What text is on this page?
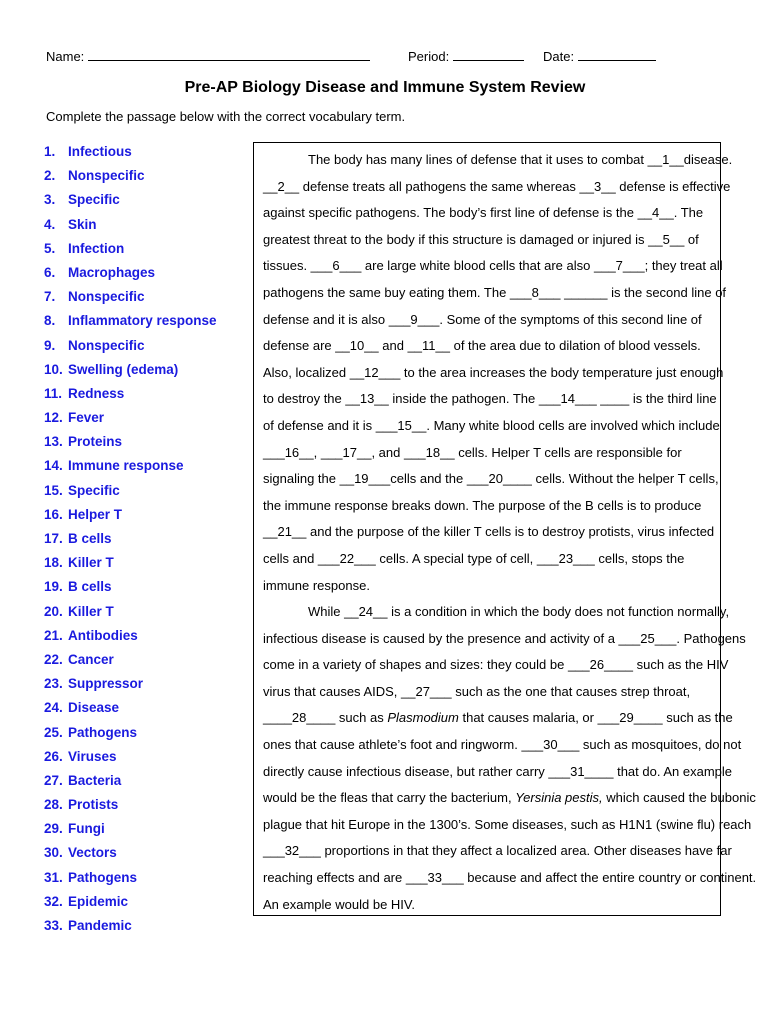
Name:	Period:	Date:
Pre-AP Biology Disease and Immune System Review
Complete the passage below with the correct vocabulary term.
1. Infectious
2. Nonspecific
3. Specific
4. Skin
5. Infection
6. Macrophages
7. Nonspecific
8. Inflammatory response
9. Nonspecific
10. Swelling (edema)
11. Redness
12. Fever
13. Proteins
14. Immune response
15. Specific
16. Helper T
17. B cells
18. Killer T
19. B cells
20. Killer T
21. Antibodies
22. Cancer
23. Suppressor
24. Disease
25. Pathogens
26. Viruses
27. Bacteria
28. Protists
29. Fungi
30. Vectors
31. Pathogens
32. Epidemic
33. Pandemic
The body has many lines of defense that it uses to combat __1__disease.
__2__ defense treats all pathogens the same whereas __3__ defense is effective
against specific pathogens. The body’s first line of defense is the __4__. The
greatest threat to the body if this structure is damaged or injured is __5__ of
tissues. ___6___ are large white blood cells that are also ___7___; they treat all
pathogens the same buy eating them. The ___8___ ______ is the second line of
defense and it is also ___9___. Some of the symptoms of this second line of
defense are __10__ and __11__ of the area due to dilation of blood vessels.
Also, localized __12___ to the area increases the body temperature just enough
to destroy the __13__ inside the pathogen. The ___14___ ____ is the third line
of defense and it is ___15__. Many white blood cells are involved which include
___16__, ___17__, and ___18__ cells. Helper T cells are responsible for
signaling the __19___cells and the ___20____ cells. Without the helper T cells,
the immune response breaks down. The purpose of the B cells is to produce
__21__ and the purpose of the killer T cells is to destroy protists, virus infected
cells and ___22___ cells. A special type of cell, ___23___ cells, stops the
immune response.
While __24__ is a condition in which the body does not function normally,
infectious disease is caused by the presence and activity of a ___25___. Pathogens
come in a variety of shapes and sizes: they could be ___26____ such as the HIV
virus that causes AIDS, __27___ such as the one that causes strep throat,
____28____ such as Plasmodium that causes malaria, or ___29____ such as the
ones that cause athlete’s foot and ringworm. ___30___ such as mosquitoes, do not
directly cause infectious disease, but rather carry ___31____ that do. An example
would be the fleas that carry the bacterium, Yersinia pestis, which caused the bubonic
plague that hit Europe in the 1300’s. Some diseases, such as H1N1 (swine flu) reach
___32___ proportions in that they affect a localized area. Other diseases have far
reaching effects and are ___33___ because and affect the entire country or continent.
An example would be HIV.
